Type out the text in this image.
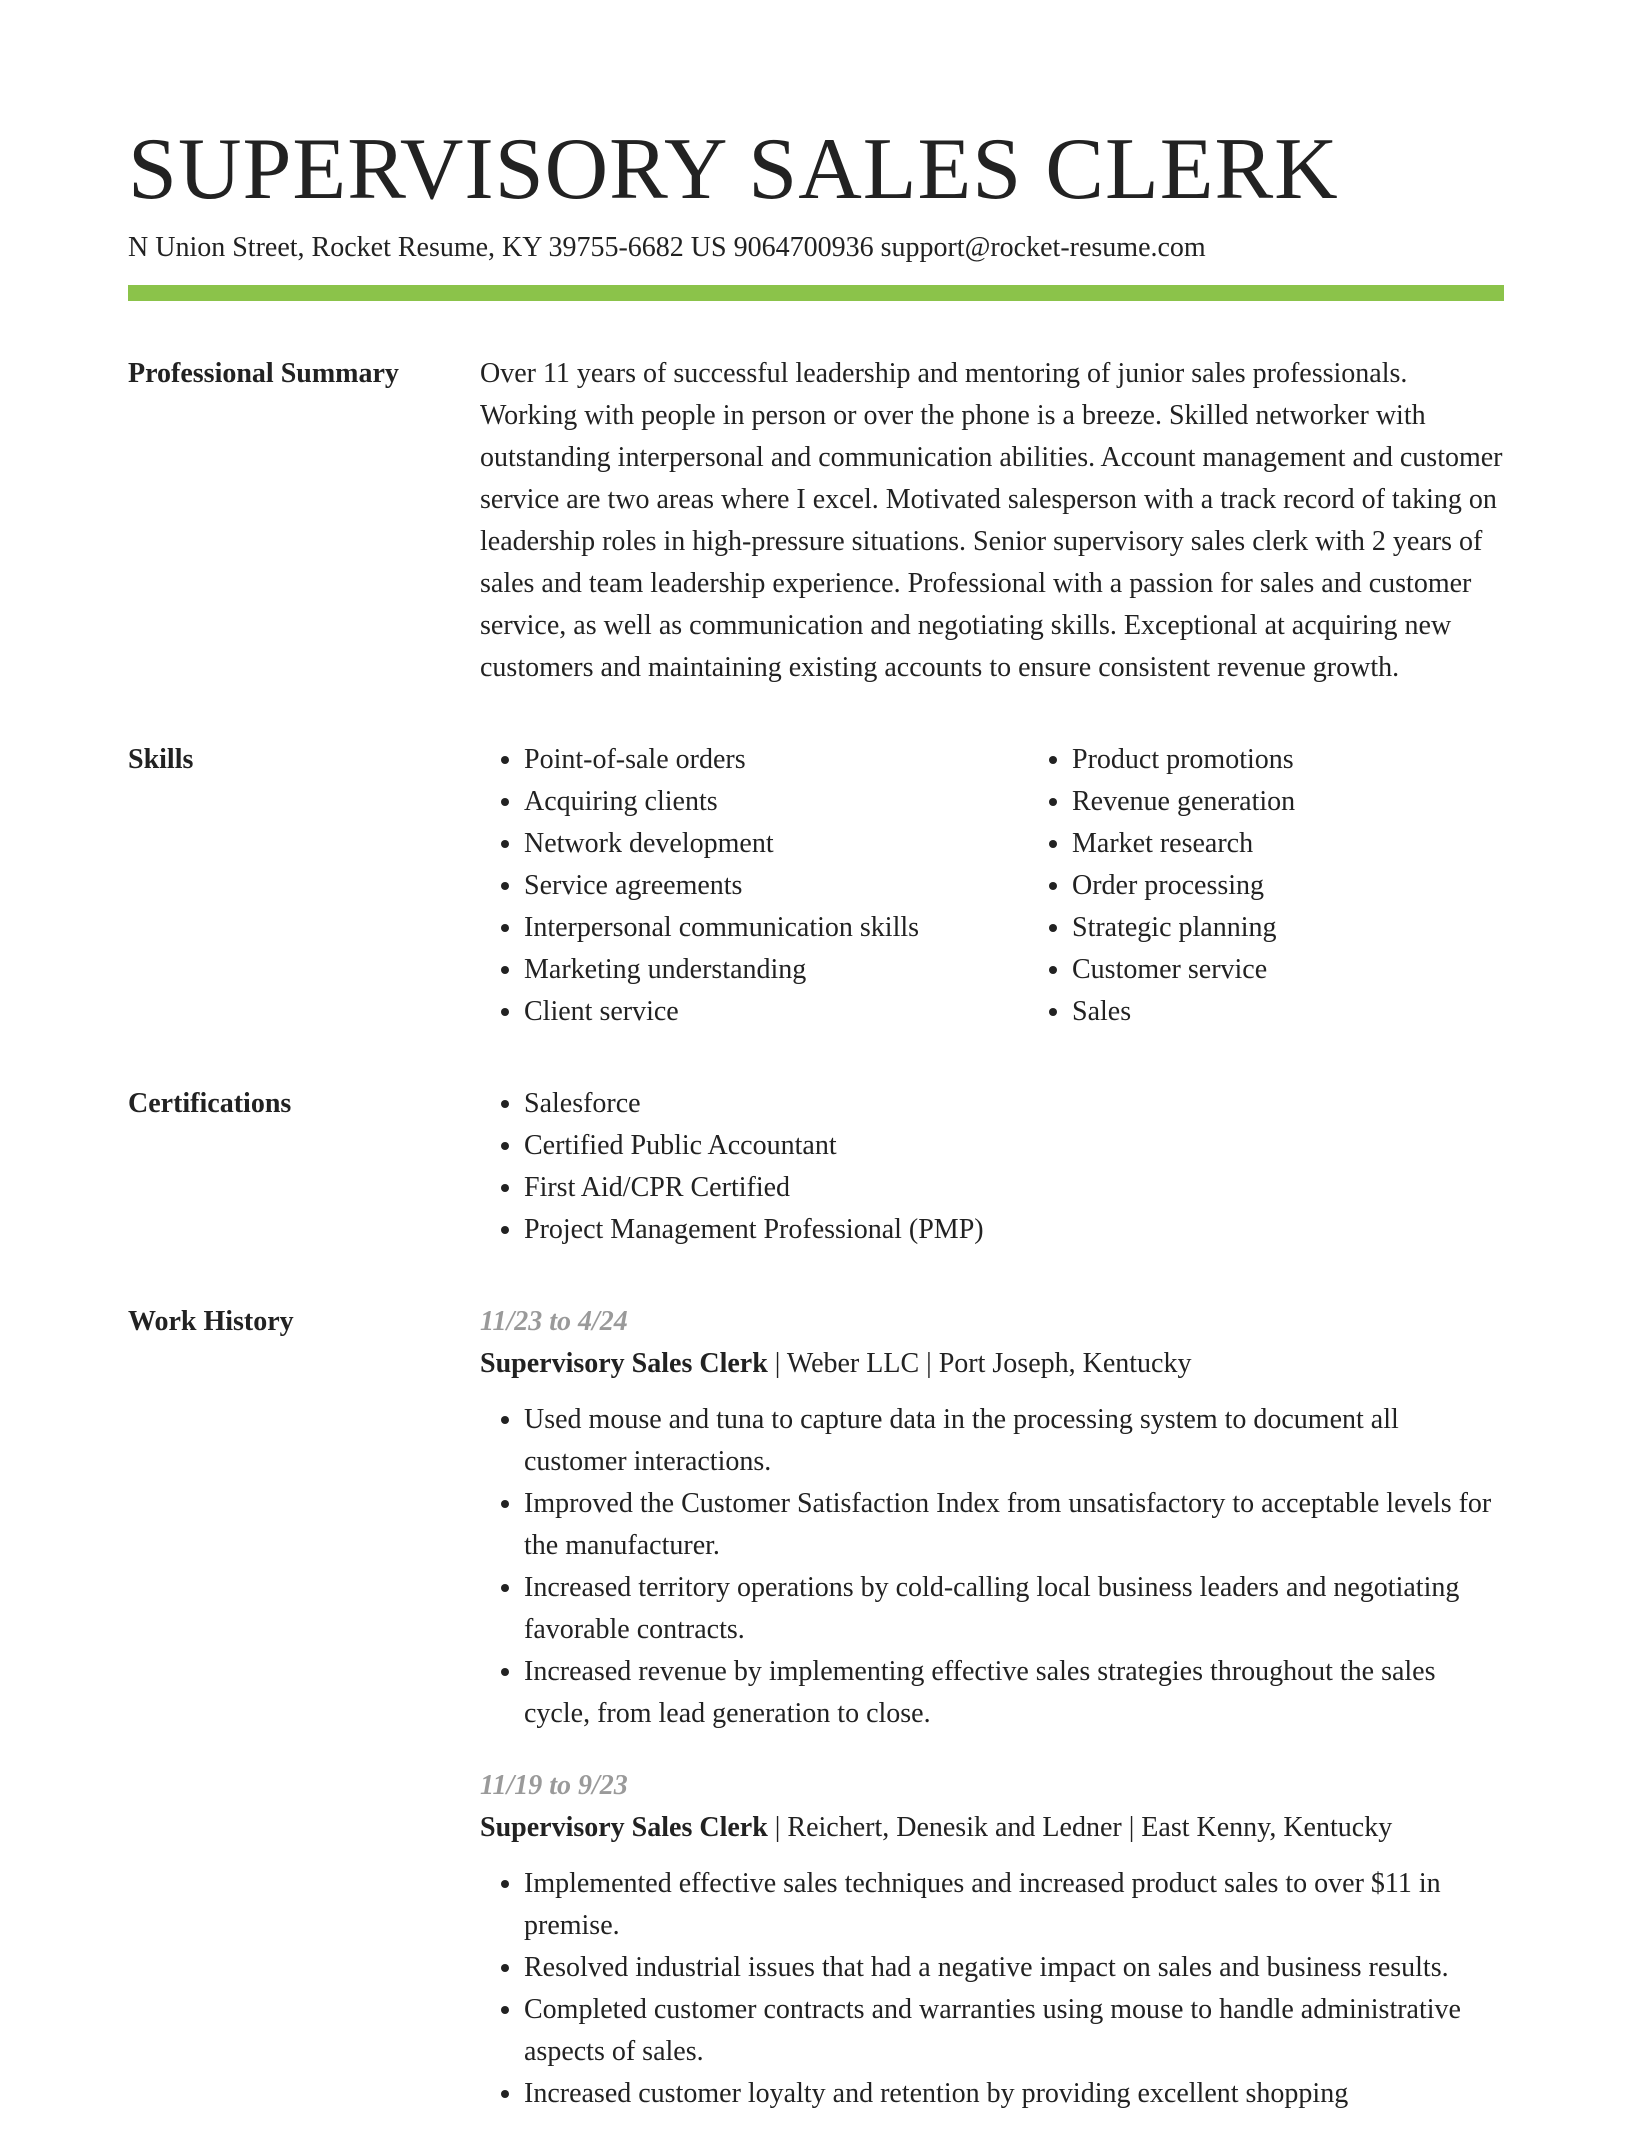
SUPERVISORY SALES CLERK
N Union Street, Rocket Resume, KY 39755-6682 US 9064700936 support@rocket-resume.com
Professional Summary	Over 11 years of successful leadership and mentoring of junior sales professionals. Working with people in person or over the phone is a breeze. Skilled networker with outstanding interpersonal and communication abilities. Account management and customer service are two areas where I excel. Motivated salesperson with a track record of taking on leadership roles in high-pressure situations. Senior supervisory sales clerk with 2 years of sales and team leadership experience. Professional with a passion for sales and customer service, as well as communication and negotiating skills. Exceptional at acquiring new customers and maintaining existing accounts to ensure consistent revenue growth.

Skills	• Point-of-sale orders
• Acquiring clients
• Network development
• Service agreements
• Interpersonal communication skills
• Marketing understanding
• Client service
• Product promotions
• Revenue generation
• Market research
• Order processing
• Strategic planning
• Customer service
• Sales
Certifications	• Salesforce
• Certified Public Accountant
• First Aid/CPR Certified
• Project Management Professional (PMP)
Work History	11/23 to 4/24
Supervisory Sales Clerk | Weber LLC | Port Joseph, Kentucky
• Used mouse and tuna to capture data in the processing system to document all customer interactions.
• Improved the Customer Satisfaction Index from unsatisfactory to acceptable levels for the manufacturer.
• Increased territory operations by cold-calling local business leaders and negotiating favorable contracts.
• Increased revenue by implementing effective sales strategies throughout the sales cycle, from lead generation to close.
11/19 to 9/23
Supervisory Sales Clerk | Reichert, Denesik and Ledner | East Kenny, Kentucky
• Implemented effective sales techniques and increased product sales to over $11 in premise.
• Resolved industrial issues that had a negative impact on sales and business results.
• Completed customer contracts and warranties using mouse to handle administrative aspects of sales.
• Increased customer loyalty and retention by providing excellent shopping
